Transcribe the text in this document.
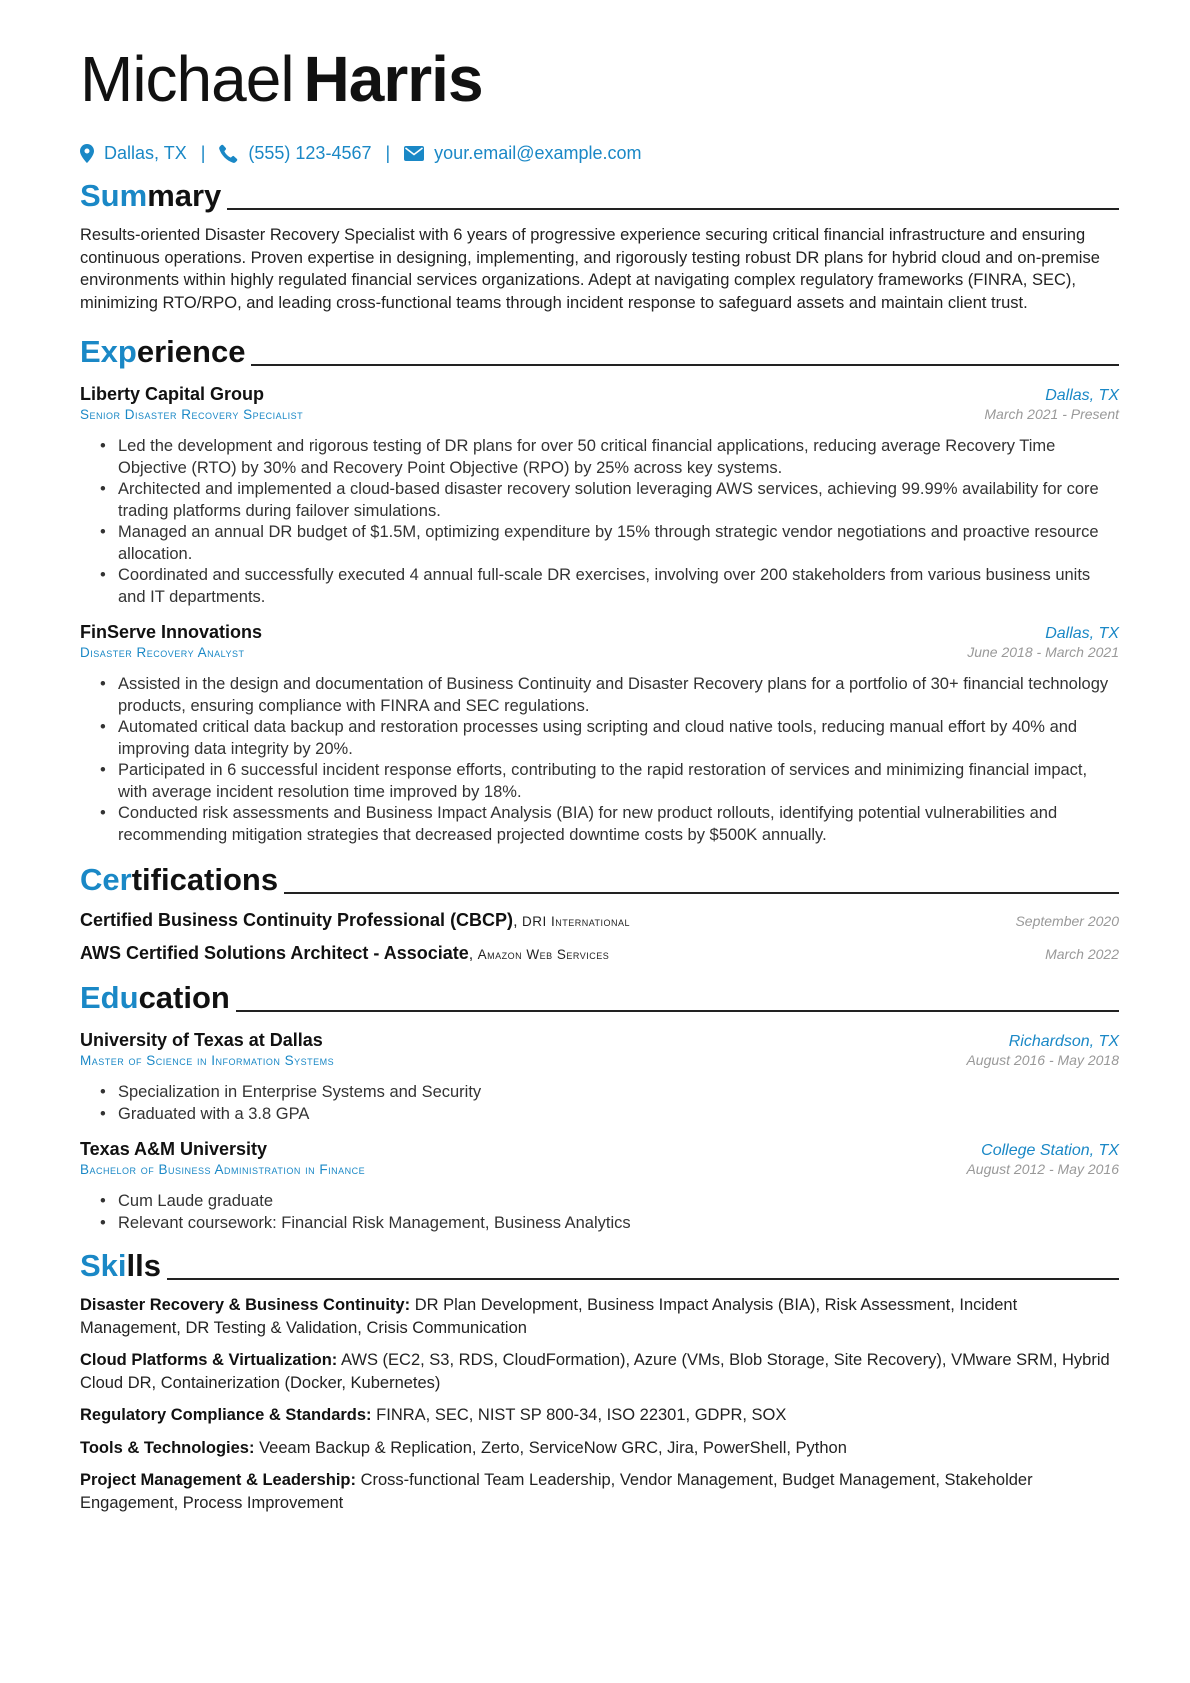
Michael Harris
Dallas, TX | (555) 123-4567 | your.email@example.com
Summary

Results-oriented Disaster Recovery Specialist with 6 years of progressive experience securing critical financial infrastructure and ensuring continuous operations. Proven expertise in designing, implementing, and rigorously testing robust DR plans for hybrid cloud and on-premise environments within highly regulated financial services organizations. Adept at navigating complex regulatory frameworks (FINRA, SEC), minimizing RTO/RPO, and leading cross-functional teams through incident response to safeguard assets and maintain client trust.

Experience
Liberty Capital Group	Dallas, TX
Senior Disaster Recovery Specialist	March 2021 - Present
• Led the development and rigorous testing of DR plans for over 50 critical financial applications, reducing average Recovery Time Objective (RTO) by 30% and Recovery Point Objective (RPO) by 25% across key systems.
• Architected and implemented a cloud-based disaster recovery solution leveraging AWS services, achieving 99.99% availability for core trading platforms during failover simulations.
• Managed an annual DR budget of $1.5M, optimizing expenditure by 15% through strategic vendor negotiations and proactive resource allocation.
• Coordinated and successfully executed 4 annual full-scale DR exercises, involving over 200 stakeholders from various business units and IT departments.
FinServe Innovations	Dallas, TX
Disaster Recovery Analyst	June 2018 - March 2021
• Assisted in the design and documentation of Business Continuity and Disaster Recovery plans for a portfolio of 30+ financial technology products, ensuring compliance with FINRA and SEC regulations.
• Automated critical data backup and restoration processes using scripting and cloud native tools, reducing manual effort by 40% and improving data integrity by 20%.
• Participated in 6 successful incident response efforts, contributing to the rapid restoration of services and minimizing financial impact, with average incident resolution time improved by 18%.
• Conducted risk assessments and Business Impact Analysis (BIA) for new product rollouts, identifying potential vulnerabilities and recommending mitigation strategies that decreased projected downtime costs by $500K annually.
Certifications
Certified Business Continuity Professional (CBCP), DRI International	September 2020
AWS Certified Solutions Architect - Associate, Amazon Web Services	March 2022
Education
University of Texas at Dallas	Richardson, TX
Master of Science in Information Systems	August 2016 - May 2018
• Specialization in Enterprise Systems and Security
• Graduated with a 3.8 GPA
Texas A&M University	College Station, TX
Bachelor of Business Administration in Finance	August 2012 - May 2016
• Cum Laude graduate
• Relevant coursework: Financial Risk Management, Business Analytics
Skills
Disaster Recovery & Business Continuity: DR Plan Development, Business Impact Analysis (BIA), Risk Assessment, Incident Management, DR Testing & Validation, Crisis Communication
Cloud Platforms & Virtualization: AWS (EC2, S3, RDS, CloudFormation), Azure (VMs, Blob Storage, Site Recovery), VMware SRM, Hybrid Cloud DR, Containerization (Docker, Kubernetes)
Regulatory Compliance & Standards: FINRA, SEC, NIST SP 800-34, ISO 22301, GDPR, SOX
Tools & Technologies: Veeam Backup & Replication, Zerto, ServiceNow GRC, Jira, PowerShell, Python
Project Management & Leadership: Cross-functional Team Leadership, Vendor Management, Budget Management, Stakeholder Engagement, Process Improvement
